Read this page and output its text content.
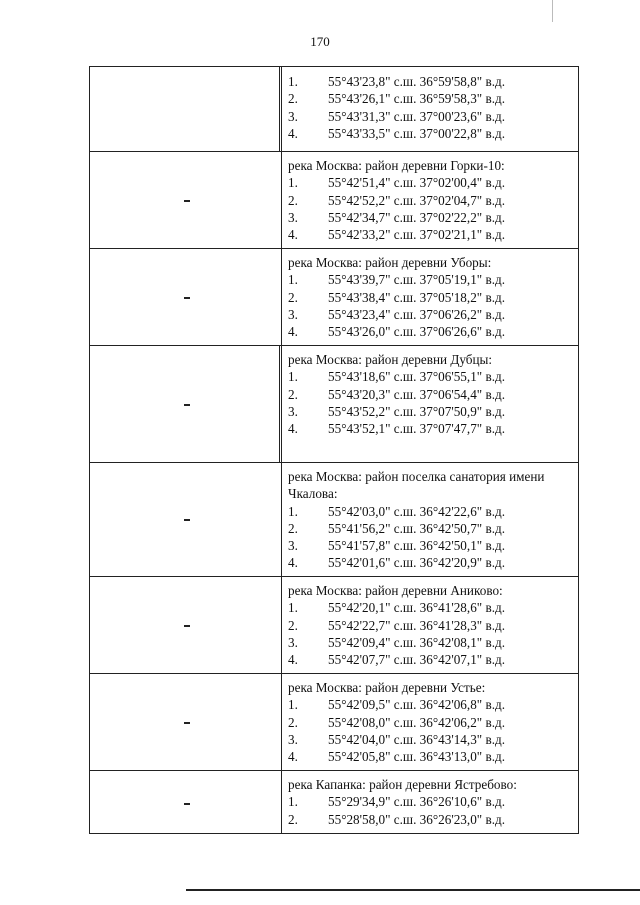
170
1.	55°43'23,8" с.ш. 36°59'58,8" в.д.
2.	55°43'26,1" с.ш. 36°59'58,3" в.д.
3.	55°43'31,3" с.ш. 37°00'23,6" в.д.
4.	55°43'33,5" с.ш. 37°00'22,8" в.д.
река Москва: район деревни Горки-10:
1.	55°42'51,4" с.ш. 37°02'00,4" в.д.
2.	55°42'52,2" с.ш. 37°02'04,7" в.д.
3.	55°42'34,7" с.ш. 37°02'22,2" в.д.
4.	55°42'33,2" с.ш. 37°02'21,1" в.д.
река Москва: район деревни Уборы:
1.	55°43'39,7" с.ш. 37°05'19,1" в.д.
2.	55°43'38,4" с.ш. 37°05'18,2" в.д.
3.	55°43'23,4" с.ш. 37°06'26,2" в.д.
4.	55°43'26,0" с.ш. 37°06'26,6" в.д.
река Москва: район деревни Дубцы:
1.	55°43'18,6" с.ш. 37°06'55,1" в.д.
2.	55°43'20,3" с.ш. 37°06'54,4" в.д.
3.	55°43'52,2" с.ш. 37°07'50,9" в.д.
4.	55°43'52,1" с.ш. 37°07'47,7" в.д.
река Москва: район поселка санатория имени Чкалова:
1.	55°42'03,0" с.ш. 36°42'22,6" в.д.
2.	55°41'56,2" с.ш. 36°42'50,7" в.д.
3.	55°41'57,8" с.ш. 36°42'50,1" в.д.
4.	55°42'01,6" с.ш. 36°42'20,9" в.д.
река Москва: район деревни Аниково:
1.	55°42'20,1" с.ш. 36°41'28,6" в.д.
2.	55°42'22,7" с.ш. 36°41'28,3" в.д.
3.	55°42'09,4" с.ш. 36°42'08,1" в.д.
4.	55°42'07,7" с.ш. 36°42'07,1" в.д.
река Москва: район деревни Устье:
1.	55°42'09,5" с.ш. 36°42'06,8" в.д.
2.	55°42'08,0" с.ш. 36°42'06,2" в.д.
3.	55°42'04,0" с.ш. 36°43'14,3" в.д.
4.	55°42'05,8" с.ш. 36°43'13,0" в.д.
река Капанка: район деревни Ястребово:
1.	55°29'34,9" с.ш. 36°26'10,6" в.д.
2.	55°28'58,0" с.ш. 36°26'23,0" в.д.
